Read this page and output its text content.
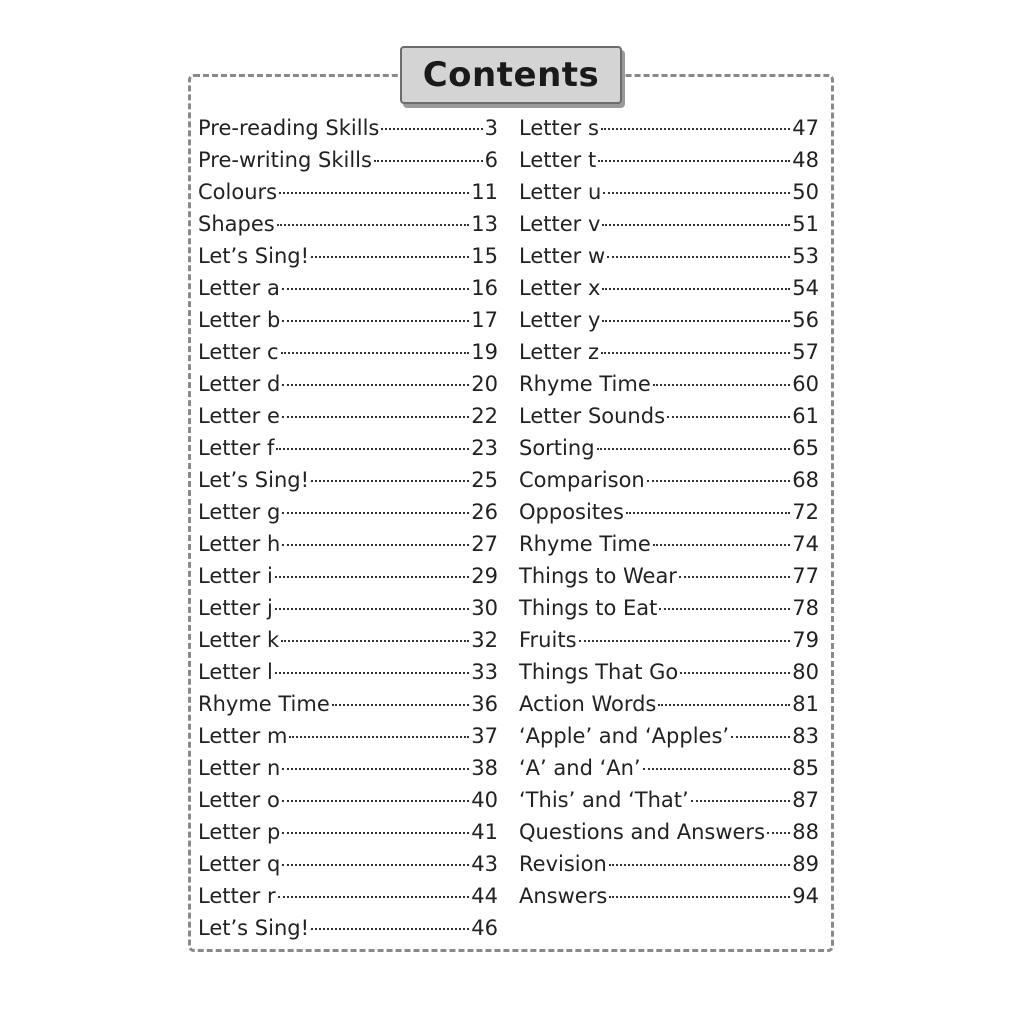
Contents
Pre-reading Skills	3
Pre-writing Skills	6
Colours	11
Shapes	13
Let’s Sing!	15
Letter a	16
Letter b	17
Letter c	19
Letter d	20
Letter e	22
Letter f	23
Let’s Sing!	25
Letter g	26
Letter h	27
Letter i	29
Letter j	30
Letter k	32
Letter l	33
Rhyme Time	36
Letter m	37
Letter n	38
Letter o	40
Letter p	41
Letter q	43
Letter r	44
Let’s Sing!	46
Letter s	47
Letter t	48
Letter u	50
Letter v	51
Letter w	53
Letter x	54
Letter y	56
Letter z	57
Rhyme Time	60
Letter Sounds	61
Sorting	65
Comparison	68
Opposites	72
Rhyme Time	74
Things to Wear	77
Things to Eat	78
Fruits	79
Things That Go	80
Action Words	81
‘Apple’ and ‘Apples’	83
‘A’ and ‘An’	85
‘This’ and ‘That’	87
Questions and Answers 88
Revision	89
Answers	94
